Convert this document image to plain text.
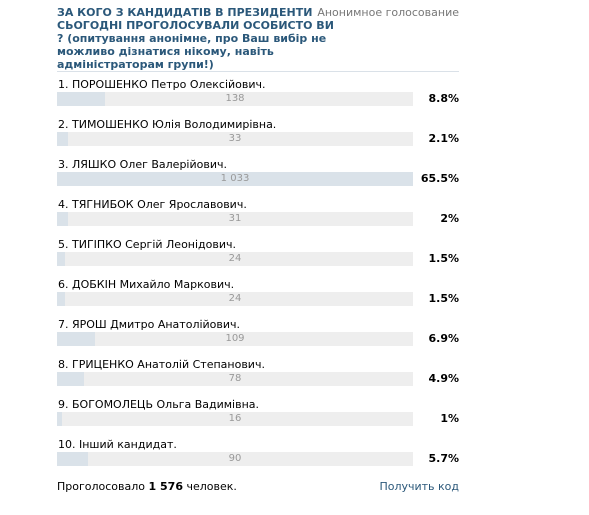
ЗА КОГО З КАНДИДАТІВ В ПРЕЗИДЕНТИ СЬОГОДНІ ПРОГОЛОСУВАЛИ ОСОБИСТО ВИ ? (опитування анонімне, про Ваш вибір не можливо дізнатися нікому, навіть адміністраторам групи!)
Анонимное голосование
1. ПОРОШЕНКО Петро Олексійович.
138	8.8%
2. ТИМОШЕНКО Юлія Володимирівна.
33	2.1%
3. ЛЯШКО Олег Валерійович.
1 033	65.5%
4. ТЯГНИБОК Олег Ярославович.
31	2%
5. ТИГІПКО Сергій Леонідович.
24	1.5%
6. ДОБКІН Михайло Маркович.
24	1.5%
7. ЯРОШ Дмитро Анатолійович.
109	6.9%
8. ГРИЦЕНКО Анатолій Степанович.
78	4.9%
9. БОГОМОЛЕЦЬ Ольга Вадимівна.
16	1%
10. Інший кандидат.
90	5.7%
Проголосовало 1 576 человек.	Получить код
